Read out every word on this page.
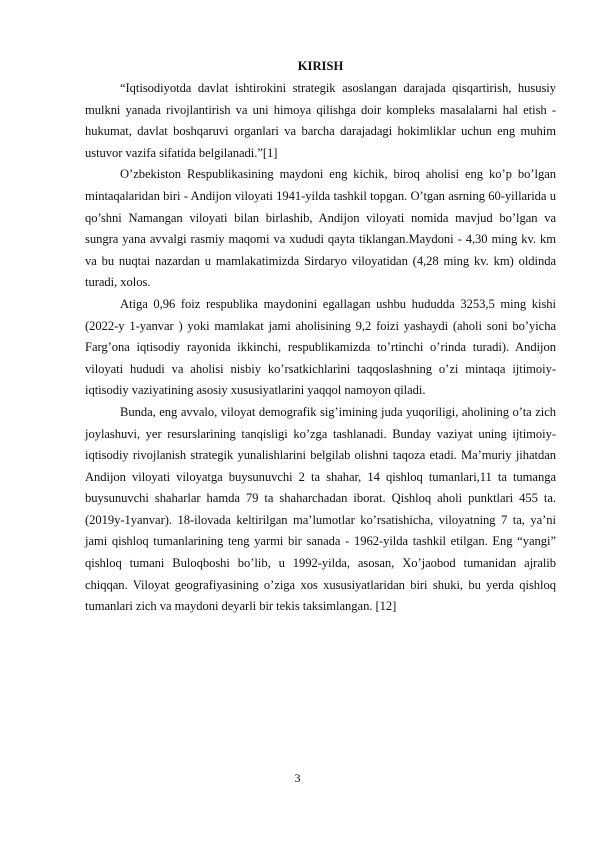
KIRISH

“Iqtisodiyotda davlat ishtirokini strategik asoslangan darajada qisqartirish, hususiy mulkni yanada rivojlantirish va uni himoya qilishga doir kompleks masalalarni hal etish - hukumat, davlat boshqaruvi organlari va barcha darajadagi hokimliklar uchun eng muhim ustuvor vazifa sifatida belgilanadi.”[1]

O’zbekiston Respublikasining maydoni eng kichik, biroq aholisi eng ko’p bo’lgan mintaqalaridan biri - Andijon viloyati 1941-yilda tashkil topgan. O’tgan asrning 60-yillarida u qo’shni Namangan viloyati bilan birlashib, Andijon viloyati nomida mavjud bo’lgan va sungra yana avvalgi rasmiy maqomi va xududi qayta tiklangan.Maydoni - 4,30 ming kv. km va bu nuqtai nazardan u mamlakatimizda Sirdaryo viloyatidan (4,28 ming kv. km) oldinda turadi, xolos.

Atiga 0,96 foiz respublika maydonini egallagan ushbu hududda 3253,5 ming kishi (2022-y 1-yanvar ) yoki mamlakat jami aholisining 9,2 foizi yashaydi (aholi soni bo’yicha Farg’ona iqtisodiy rayonida ikkinchi, respublikamizda to’rtinchi o’rinda turadi). Andijon viloyati hududi va aholisi nisbiy ko’rsatkichlarini taqqoslashning o’zi mintaqa ijtimoiy-iqtisodiy vaziyatining asosiy xususiyatlarini yaqqol namoyon qiladi.

Bunda, eng avvalo, viloyat demografik sig’imining juda yuqoriligi, aholining o’ta zich joylashuvi, yer resurslarining tanqisligi ko’zga tashlanadi. Bunday vaziyat uning ijtimoiy-iqtisodiy rivojlanish strategik yunalishlarini belgilab olishni taqoza etadi. Ma’muriy jihatdan Andijon viloyati viloyatga buysunuvchi 2 ta shahar, 14 qishloq tumanlari,11 ta tumanga buysunuvchi shaharlar hamda 79 ta shaharchadan iborat. Qishloq aholi punktlari 455 ta. (2019y-1yanvar). 18-ilovada keltirilgan ma’lumotlar ko’rsatishicha, viloyatning 7 ta, ya’ni jami qishloq tumanlarining teng yarmi bir sanada - 1962-yilda tashkil etilgan. Eng “yangi” qishloq tumani Buloqboshi bo’lib, u 1992-yilda, asosan, Xo’jaobod tumanidan ajralib chiqqan. Viloyat geografiyasining o’ziga xos xususiyatlaridan biri shuki, bu yerda qishloq tumanlari zich va maydoni deyarli bir tekis taksimlangan. [12]

3
